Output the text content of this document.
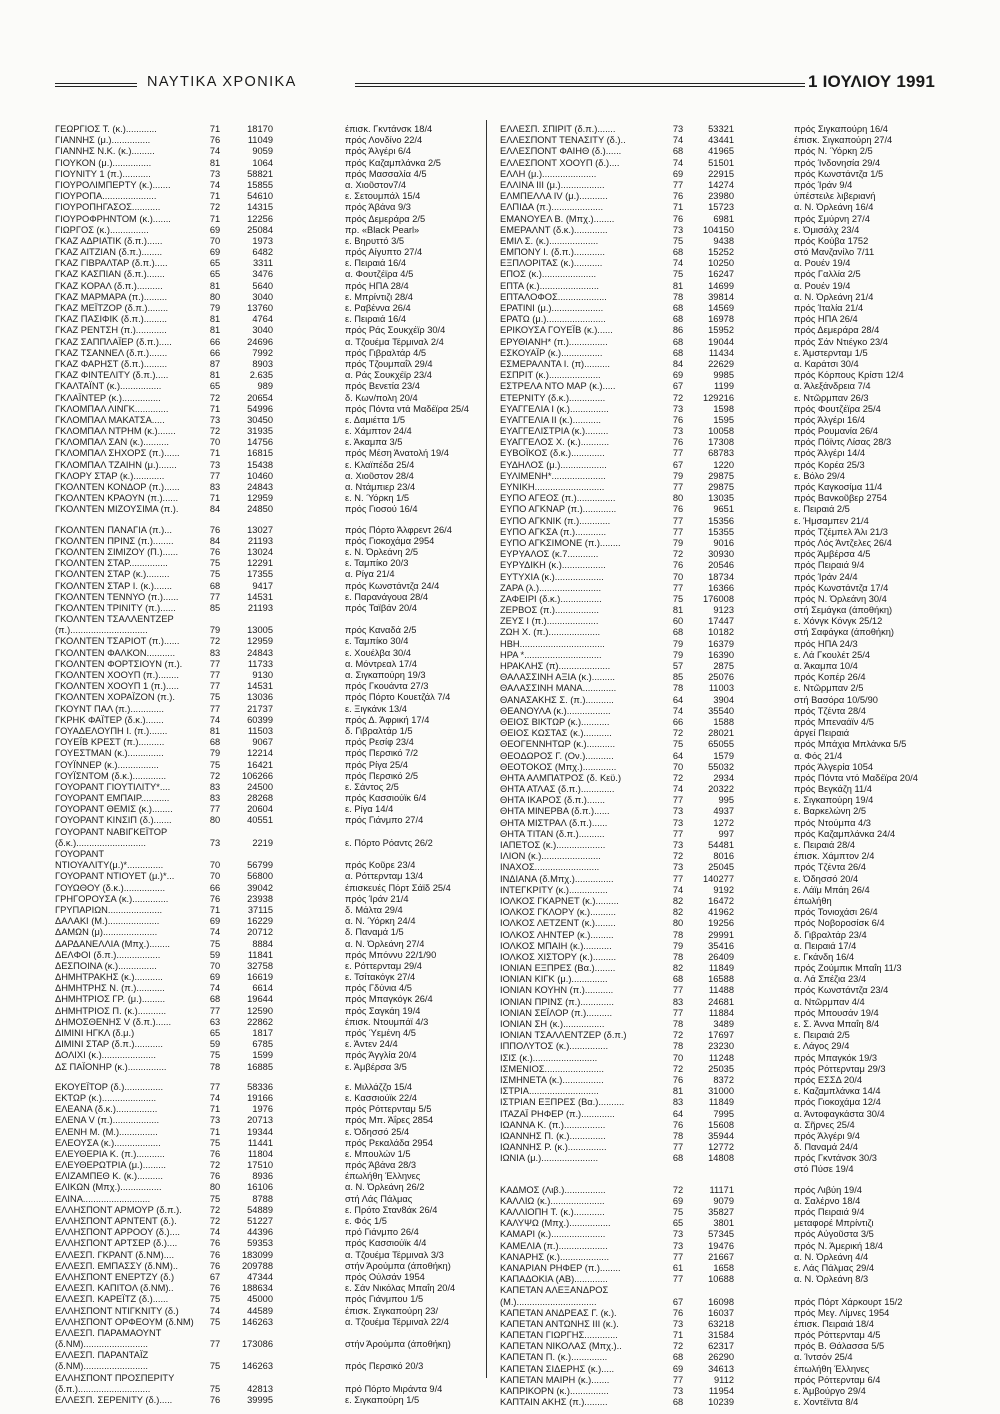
ΝΑΥΤΙΚΑ ΧΡΟΝΙΚΑ	1 ΙΟΥΛΙΟΥ 1991
ΓΕΩΡΓΙΟΣ Τ. (κ.)............	71	18170	έπισκ. Γκντάνσκ 18/4
ΓΙΑΝΝΗΣ (μ.)...............	76	11049	πρός Λονδίνο 22/4
ΓΙΑΝΝΗΣ Ν.Κ. (κ.).........	74	9059	πρός Άλγέρι 6/4
ΓΙΟΥΚΟΝ (μ.)...............	81	1064	πρός Καζαμπλάνκα 2/5
ΓΙΟΥΝΙΤΥ 1 (π.)...........	73	58821	πρός Μασσαλία 4/5
ΓΙΟΥΡΟΛΙΜΠΕΡΤΥ (κ.).......	74	15855	α. Χιοῦστον7/4
ΓΙΟΥΡΟΠΑ.....................	71	54610	ε. Σετουμπάλ 15/4
ΓΙΟΥΡΟΠΗΓΑΣΟΣ...........	72	14315	πρός Άβάνα 9/3
ΓΙΟΥΡΟΦΡΗΝΤΟΜ (κ.).......	71	12256	πρός Δεμεράρα 2/5
ΓΙΩΡΓΟΣ (κ.)...............	69	25084	πρ. «Black Pearl»
ΓΚΑΖ ΑΔΡΙΑΤΙΚ (δ.π.)......	70	1973	ε. Βηρυττό 3/5
ΓΚΑΖ ΑΙΤΖΙΑΝ (δ.π.)........	69	6482	πρός Αίγυπτο 27/4
ΓΚΑΖ ΓΙΒΡΑΛΤΑΡ (δ.π.).....	65	3311	ε. Πειραιά 16/4
ΓΚΑΖ ΚΑΣΠΙΑΝ (δ.π.).......	65	3476	α. Φουτζέϊρα 4/5
ΓΚΑΖ ΚΟΡΑΛ (δ.π.)..........	81	5640	πρός ΗΠΑ 28/4
ΓΚΑΖ ΜΑΡΜΑΡΑ (π.).........	80	3040	ε. Μπρίντιζι 28/4
ΓΚΑΖ ΜΕΪΤΖΟΡ (δ.π.)........	79	13760	ε. Ραβέννα 26/4
ΓΚΑΖ ΠΑΣΙΦΙΚ (δ.π.).........	81	4764	ε. Πειραιά 16/4
ΓΚΑΖ ΡΕΝΤΣΗ (π.)............	81	3040	πρός Ράς Σουκχέϊρ 30/4
ΓΚΑΖ ΣΑΠΠΛΑΪΕΡ (δ.π.).....	66	24696	α. Τζουέμα Τέρμιναλ 2/4
ΓΚΑΖ ΤΣΑΝΝΕΛ (δ.π.).......	66	7992	πρός Γιβραλτάρ 4/5
ΓΚΑΖ ΦΑΡΗΣΤ (δ.π.).........	87	8903	πρός Τζουμπαΐλ 29/4
ΓΚΑΖ ΦΙΝΤΕΛΙΤΥ (δ.π.).....	81	2.635	α. Ράς Σουκχέϊρ 23/4
ΓΚΑΛΤΑΪΝΤ (κ.)................	65	989	πρός Βενετία 23/4
ΓΚΛΑΪΝΤΕΡ (κ.)...............	72	20654	δ. Κων/πολη 20/4
ΓΚΛΟΜΠΑΛ ΛΙΝΓΚ.............	71	54996	πρός Πόντα ντά Μαδέϊρα 25/4
ΓΚΛΟΜΠΑΛ ΜΑΚΑΤΣΑ.....	73	30450	ε. Δαμιέττα 1/5
ΓΚΛΟΜΠΑΛ ΝΤΡΗΜ (κ.).......	72	31935	ε. Χάμπτον 24/4
ΓΚΛΟΜΠΑΛ ΣΑΝ (κ.)..........	70	14756	ε. Άκαμπα 3/5
ΓΚΛΟΜΠΑΛ ΣΗΧΟΡΣ (π.)......	71	16815	πρός Μέση Άνατολή 19/4
ΓΚΛΟΜΠΑΛ ΤΖΑΙΗΝ (μ.).......	73	15438	ε. Κλαϊπέδα 25/4
ΓΚΛΟΡΥ ΣΤΑΡ (κ.)............	77	10460	α. Χιοῦστον 28/4
ΓΚΟΛΝΤΕΝ ΚΟΝΔΟΡ (π.)......	83	24843	α. Ντάμπιερ 23/4
ΓΚΟΛΝΤΕΝ ΚΡΑΟΥΝ (π.)......	71	12959	ε. Ν. Ύόρκη 1/5
ΓΚΟΛΝΤΕΝ ΜΙΖΟΥΣΙΜΑ (π.).	84	24850	πρός Γιοσού 16/4
ΓΚΟΛΝΤΕΝ ΠΑΝΑΓΙΑ (π.)...	76	13027	πρός Πόρτο Άλφρεντ 26/4
ΓΚΟΛΝΤΕΝ ΠΡΙΝΣ (π.)........	84	21193	πρός Γιοκοχάμα 2954
ΓΚΟΛΝΤΕΝ ΣΙΜΙΖΟΥ (Π.)......	76	13024	ε. Ν. Όρλεάνη 2/5
ΓΚΟΛΝΤΕΝ ΣΤΑΡ...............	75	12291	ε. Ταμπίκο 20/3
ΓΚΟΛΝΤΕΝ ΣΤΑΡ (κ.).........	75	17355	α. Ρίγα 21/4
ΓΚΟΛΝΤΕΝ ΣΤΑΡ Ι. (κ.).......	68	9417	πρός Κωνστάντζα 24/4
ΓΚΟΛΝΤΕΝ ΤΕΝΝΥΟ (π.)......	77	14531	ε. Παρανάγουα 28/4
ΓΚΟΛΝΤΕΝ ΤΡΙΝΙΤΥ (π.)......	85	21193	πρός Ταϊβάν 20/4
ΓΚΟΛΝΤΕΝ ΤΣΑΛΛΕΝΤΖΕΡ
(π.)..............................	79	13005	πρός Καναδά 2/5
ΓΚΟΛΝΤΕΝ ΤΣΑΡΙΟΤ (π.)......	72	12959	ε. Ταμπίκο 30/4
ΓΚΟΛΝΤΕΝ ΦΑΛΚΟΝ...........	83	24843	ε. Χουέλβα 30/4
ΓΚΟΛΝΤΕΝ ΦΟΡΤΣΙΟΥΝ (π.).	77	11733	α. Μόντρεαλ 17/4
ΓΚΟΛΝΤΕΝ ΧΟΟΥΠ (π.)........	77	9130	α. Σιγκαπούρη 19/3
ΓΚΟΛΝΤΕΝ ΧΟΟΥΠ 1 (π.).....	77	14531	πρός Γκουάντα 27/3
ΓΚΟΛΝΤΕΝ ΧΟΡΑΪΖΟΝ (π.).	75	13036	πρός Πόρτο Κουετζάλ 7/4
ΓΚΟΥΝΤ ΠΑΛ (π.).............	77	21737	ε. Ξιγκάνκ 13/4
ΓΚΡΗΚ ΦΑΪΤΕΡ (δ.κ.).......	74	60399	πρός Δ. Άφρική 17/4
ΓΟΥΑΔΕΛΟΥΠΗ Ι. (π.).......	81	11503	δ. Γιβραλτάρ 1/5
ΓΟΥΕΪΒ ΚΡΕΣΤ (π.)..........	68	9067	πρός Ρεσίφ 23/4
ΓΟΥΕΣΤΜΑΝ (κ.)..............	79	12214	πρός Περσικό 7/2
ΓΟΥΪΝΝΕΡ (κ.)................	75	16421	πρός Ρίγα 25/4
ΓΟΥΪΣΝΤΟΜ (δ.κ.).............	72	106266	πρός Περσικό 2/5
ΓΟΥΟΡΑΝΤ ΓΙΟΥΤΙΛΙΤΥ*....	83	24500	ε. Σάντος 2/5
ΓΟΥΟΡΑΝΤ ΕΜΠΑΙΡ...........	83	28268	πρός Κασσιούϊκ 6/4
ΓΟΥΟΡΑΝΤ ΘΕΜΙΣ (κ.)........	77	20604	ε. Ρίγα 14/4
ΓΟΥΟΡΑΝΤ ΚΙΝΣΙΠ (δ.).......	80	40551	πρός Γιάνμπο 27/4
ΓΟΥΟΡΑΝΤ ΝΑΒΙΓΚΕΪΤΟΡ
(δ.κ.)...........................	73	2219	ε. Πόρτο Ρόαντς 26/2
ΓΟΥΟΡΑΝΤ
ΝΤΙΟΥΑΛΙΤΥ(μ.)*..............	70	56799	πρός Κοῦρε 23/4
ΓΟΥΟΡΑΝΤ ΝΤΙΟΥΕΤ (μ.)*...	70	56800	α. Ρόττερνταμ 13/4
ΓΟΥΩΘΟΥ (δ.κ.)................	66	39042	έπισκευές Πόρτ Σάϊδ 25/4
ΓΡΗΓΟΡΟΥΣΑ (κ.)..............	76	23938	πρός Ίράν 21/4
ΓΡΥΠΑΡΙΩΝ.....................	71	37115	δ. Μάλτα 29/4
ΔΑΛΑΚΙ (Μ.)....................	69	16229	α. Ν. Ύόρκη 24/4
ΔΑΜΩΝ (μ).....................	74	20712	δ. Παναμά 1/5
ΔΑΡΔΑΝΕΛΛΙΑ (Μπχ.)........	75	8884	α. Ν. Όρλεάνη 27/4
ΔΕΛΦΟΙ (δ.π.).................	59	11841	πρός Μπόννυ 22/1/90
ΔΕΣΠΟΙΝΑ (κ.)...............	70	32758	ε. Ρόττερνταμ 29/4
ΔΗΜΗΤΡΑΚΗΣ (κ.)...........	69	16619	ε. Τσίτακόγκ 27/4
ΔΗΜΗΤΡΗΣ Ν. (π.)...........	74	6614	πρός Γδύνια 4/5
ΔΗΜΗΤΡΙΟΣ ΓΡ. (μ.).........	68	19644	πρός Μπαγκόγκ 26/4
ΔΗΜΗΤΡΙΟΣ Π. (κ.)...........	77	12590	πρός Σαγκάη 19/4
ΔΗΜΟΣΘΕΝΗΣ V (δ.π.)......	63	22862	έπισκ. Ντουμπάϊ 4/3
ΔΙΜΙΝΙ ΗΓΚΛ (δ.μ.)	65	1817	πρός Ύεμένη 4/5
ΔΙΜΙΝΙ ΣΤΑΡ (δ.π.)...........	59	6785	ε. Άντεν 24/4
ΔΟΛΙΧΙ (κ.).....................	75	1599	πρός Άγγλία 20/4
ΔΣ ΠΑΪΟΝΗΡ (κ.)...............	78	16885	ε. Άμβέρσα 3/5
ΕΚΟΥΕΪΤΟΡ (δ.)...............	77	58336	ε. Μιλλάζζο 15/4
ΕΚΤΩΡ (κ.).....................	74	19166	ε. Κασσιούϊκ 22/4
ΕΛΕΑΝΑ (δ.κ.)................	71	1976	πρός Ρόττερνταμ 5/5
ΕΛΕΝΑ V (π.)..................	73	20713	πρός Μπ. Άΐρες 2854
ΕΛΕΝΗ Μ. (Μ.)...............	71	19344	ε. Όδησσό 25/4
ΕΛΕΟΥΣΑ (κ.)..................	75	11441	πρός Ρεκαλάδα 2954
ΕΛΕΥΘΕΡΙΑ Κ. (π.)...........	76	11804	ε. Μπουλών 1/5
ΕΛΕΥΘΕΡΩΤΡΙΑ (μ.).........	72	17510	πρός Άβάνα 28/3
ΕΛΙΖΑΜΠΕΘ Κ. (κ.)..........	76	8936	έπωλήθη Έλληνες
ΕΛΙΚΩΝ (Μπχ.)................	80	16106	α. Ν. Όρλεάνη 26/2
ΕΛΙΝΑ..........................	75	8788	στή Λάς Πάλμας
ΕΛΛΗΣΠΟΝΤ ΑΡΜΟΥΡ (δ.π.).	72	54889	ε. Πρότο Σταν8άκ 26/4
ΕΛΛΗΣΠΟΝΤ ΑΡΝΤΕΝΤ (δ.).	72	51227	ε. Φός 1/5
ΕΛΛΗΣΠΟΝΤ ΑΡΡΟΟΥ (δ.)....	74	44396	πρό Γιάνμπο 26/4
ΕΛΛΗΣΠΟΝΤ ΑΡΤΣΕΡ (δ.)....	76	59353	πρός Κασσιούϊκ 4/4
ΕΛΛΕΣΠ. ΓΚΡΑΝΤ (δ.ΝΜ)....	76	183099	α. Τζουέμα Τέρμιναλ 3/3
ΕΛΛΕΣΠ. ΕΜΠΑΣΣΥ (δ.ΝΜ)..	76	209788	στήν Άρούμπα (άποθήκη)
ΕΛΛΗΣΠΟΝΤ ΕΝΕΡΤΖΥ (δ.)	67	47344	πρός Ούλσάν 1954
ΕΛΛΕΣΠ. ΚΑΠΙΤΟΛ (δ.ΝΜ)..	76	188634	ε. Σάν Νικόλας Μπαΐη 20/4
ΕΛΛΕΣΠ. ΚΑΡΕΪΤΖ (δ.)......	75	45000	πρός Γιάνμπου 1/5
ΕΛΛΗΣΠΟΝΤ ΝΤΙΓΚΝΙΤΥ (δ.)	74	44589	έπισκ. Σιγκαπούρη 23/
ΕΛΛΗΣΠΟΝΤ ΟΡΦΕΟΥΜ (δ.ΝΜ)	75	146263	α. Τζουέμα Τέρμιναλ 22/4
ΕΛΛΕΣΠ. ΠΑΡΑΜΑΟΥΝΤ
(δ.ΝΜ).........................	77	173086	στήν Άρούμπα (άποθήκη)
ΕΛΛΕΣΠ. ΠΑΡΑΝΤΑΪΖ
(δ.ΝΜ).........................	75	146263	πρός Περσικό 20/3
ΕΛΛΗΣΠΟΝΤ ΠΡΟΣΠΕΡΙΤΥ
(δ.π.)............................	75	42813	πρό Πόρτο Μιράντα 9/4
ΕΛΛΕΣΠ. ΣΕΡΕΝΙΤΥ (δ.).....	76	39995	ε. Σιγκαπούρη 1/5
ΕΛΛΕΣΠ. ΣΠΙΡΙΤ (δ.π.).......	73	53321	πρός Σιγκαπούρη 16/4
ΕΛΛΕΣΠΟΝΤ ΤΕΝΑΣΙΤΥ (δ.)..	74	43441	έπισκ. Σιγκαπούρη 27/4
ΕΛΛΕΣΠΟΝΤ ΦΑΙΗΘ (δ.)......	68	41965	πρός Ν. Ύόρκη 2/5
ΕΛΛΕΣΠΟΝΤ ΧΟΟΥΠ (δ.)....	74	51501	πρός Ίνδονησία 29/4
ΕΛΛΗ (μ.).....................	69	22915	πρός Κωνστάντζα 1/5
ΕΛΛΙΝΑ ΙΙΙ (μ.).................	77	14274	πρός Ίράν 9/4
ΕΛΜΠΕΛΛΑ ΙV (μ.)...........	76	23980	ύπέστειλε λιβεριανή
ΕΛΠΙΔΑ (π.)....................	71	15723	α. Ν. Όρλεάνη 16/4
ΕΜΑΝΟΥΕΛ Β. (Μπχ.)........	76	6981	πρός Σμύρνη 27/4
ΕΜΕΡΑΛΝΤ (δ.κ.).............	73	104150	ε. Όμισάλχ 23/4
ΕΜΙΛ Σ. (κ.)...................	75	9438	πρός Κούβα 1752
ΕΜΠΟΝΥ Ι. (δ.π.)............	68	15252	στό Μανζανίλο 7/11
ΕΞΠΛΟΡΙΤΑΣ (κ.)...........	74	10250	α. Ρουέν 19/4
ΕΠΟΣ (κ.).....................	75	16247	πρός Γαλλία 2/5
ΕΠΤΑ (κ.).......................	81	14699	α. Ρουέν 19/4
ΕΠΤΑΛΟΦΟΣ...................	78	39814	α. Ν. Όρλεάνη 21/4
ΕΡΑΤΙΝΙ (μ.)....................	68	14569	πρός Ίταλία 21/4
ΕΡΑΤΩ (μ.).......................	68	16978	πρός ΗΠΑ 26/4
ΕΡΙΚΟΥΣΑ ΓΟΥΕΪΒ (κ.)......	86	15952	πρός Δεμεράρα 28/4
ΕΡΥΘΙΑΝΗ* (π.)...............	68	19044	πρός Σάν Ντιέγκο 23/4
ΕΣΚΟΥΑΪΡ (κ.)................	68	11434	ε. Άμστερνταμ 1/5
ΕΣΜΕΡΑΛΝΤΑ Ι. (π)..........	84	22629	α. Καράτσι 30/4
ΕΣΠΡΙΤ (κ.)....................	69	9985	πρός Κόρπους Κρίστι 12/4
ΕΣΤΡΕΛΑ ΝΤΟ ΜΑΡ (κ.).....	67	1199	α. Άλεξάνδρεια 7/4
ΕΤΕΡΝΙΤΥ (δ.κ.)..............	72	129216	ε. Ντῶρμπαν 26/3
ΕΥΑΓΓΕΛΙΑ Ι (κ.)...............	73	1598	πρός Φουτζέϊρα 25/4
ΕΥΑΓΓΕΛΙΑ ΙΙ (κ.)...........	76	1595	πρός Άλγέρι 16/4
ΕΥΑΓΓΕΛΙΣΤΡΙΑ (κ.).........	73	10058	πρός Ρουμανία 26/4
ΕΥΑΓΓΕΛΟΣ Χ. (κ.)...........	76	17308	πρός Πόϊντς Λίσας 28/3
ΕΥΒΟΪΚΟΣ (δ.κ.).............	77	68783	πρός Άλγέρι 14/4
ΕΥΔΗΛΟΣ (μ.)..................	67	1220	πρός Κορέα 25/3
ΕΥΛΙΜΕΝΗ*.....................	79	29875	ε. Βόλο 29/4
ΕΥΝΙΚΗ...........................	77	29875	πρός Καγκοσίμα 11/4
ΕΥΠΟ ΑΓΕΟΣ (π.)...............	80	13035	πρός Βανκοῦβερ 2754
ΕΥΠΟ ΑΓΚΝΑΡ (π.).............	76	9651	ε. Πειραιά 2/5
ΕΥΠΟ ΑΓΚΝΙΚ (π.)............	77	15356	ε. Ήμσαμπεν 21/4
ΕΥΠΟ ΑΓΚΣΑ (π.)............	77	15355	πρός Τζέμπελ Άλι 21/3
ΕΥΠΟ ΑΓΚΣΙΜΟΝΕ (π.)........	79	9016	πρός Λός Άντζελες 26/4
ΕΥΡΥΑΛΟΣ (κ.7............	72	30930	πρός Άμβέρσα 4/5
ΕΥΡΥΔΙΚΗ (κ.).................	76	20546	πρός Πειραιά 9/4
ΕΥΤΥΧΙΑ (κ.)...................	70	18734	πρός Ίράν 24/4
ΖΑΡΑ (λ.)........................	77	16366	πρός Κωνστάντζα 17/4
ΖΑΦΕΙΡΙ (δ.κ.)................	75	176008	πρός Ν. Όρλεάνη 30/4
ΖΕΡΒΟΣ (π.).................	81	9123	στή Σεμάγκα (άποθήκη)
ΖΕΥΣ Ι (π.)....................	60	17447	ε. Χόνγκ Κόνγκ 25/12
ΖΩΗ Χ. (π.)....................	68	10182	στή Σαφάγκα (άποθήκη)
ΗΒΗ.................................	79	16379	πρός ΗΠΑ 24/3
ΗΡΑ *..............................	79	16390	ε. Λά Γκουλέτ 25/4
ΗΡΑΚΛΗΣ (π)....................	57	2875	α. Άκαμπα 10/4
ΘΑΛΑΣΣΙΝΗ ΑΞΙΑ (κ.).........	85	25076	πρός Κοπέρ 26/4
ΘΑΛΑΣΣΙΝΗ ΜΑΝΑ.............	78	11003	ε. Ντῶρμπαν 2/5
ΘΑΝΑΣΑΚΗΣ Σ. (π.)...........	64	3904	στή Βασόρα 10/5/90
ΘΕΑΝΟΥΛΑ (κ.).................	74	35540	πρός Τζέντα 28/4
ΘΕΙΟΣ ΒΙΚΤΩΡ (κ.)...........	66	1588	πρός Μπεναάϊν 4/5
ΘΕΙΟΣ ΚΩΣΤΑΣ (κ.)...........	72	28021	άργεί Πειραιά
ΘΕΟΓΕΝΝΗΤΩΡ (κ.)...........	75	65055	πρός Μπάχια Μπλάνκα 5/5
ΘΕΟΔΩΡΟΣ Γ. (Ον.)...........	64	1579	α. Φός 21/4
ΘΕΟΤΟΚΟΣ (Μπχ.).............	70	55032	πρός Άλγερία 1054
ΘΗΤΑ ΑΛΜΠΑΤΡΟΣ (δ. Κεϋ.)	72	2934	πρός Πόντα ντό Μαδέϊρα 20/4
ΘΗΤΑ ΑΤΛΑΣ (δ.π.).............	74	20322	πρός Βεγκάζη 11/4
ΘΗΤΑ ΙΚΑΡΟΣ (δ.π.).......	77	995	ε. Σιγκαπούρη 19/4
ΘΗΤΑ ΜΙΝΕΡΒΑ (δ.π.)......	73	4937	ε. Βαρκελώνη 2/5
ΘΗΤΑ ΜΙΣΤΡΑΛ (δ.π.)......	73	1272	πρός Ντούμπα 4/3
ΘΗΤΑ ΤΙΤΑΝ (δ.π.)..........	77	997	πρός Καζαμπλάνκα 24/4
ΙΑΠΕΤΟΣ (κ.)...................	73	54481	ε. Πειραιά 28/4
ΙΛΙΟΝ (κ.).......................	72	8016	έπισκ. Χάμπτον 2/4
ΙΝΑΧΟΣ.........................	73	25045	πρός Τζέντα 26/4
ΙΝΔΙΑΝΑ (δ.Μπχ.)...............	77	140277	ε. Όδησσό 20/4
ΙΝΤΕΓΚΡΙΤΥ (κ.)...............	74	9192	ε. Λάϊμ Μπάη 26/4
ΙΟΛΚΟΣ ΓΚΑΡΝΕΤ (κ.).........	82	16472	έπωλήθη
ΙΟΛΚΟΣ ΓΚΛΟΡΥ (κ.)..........	82	41962	πρός Τονιοχάσι 26/4
ΙΟΛΚΟΣ ΛΕΤΖΕΝΤ (κ.)........	80	19256	πρός Νοβοροσίσκ 6/4
ΙΟΛΚΟΣ ΛΗΝΤΕΡ (κ.).........	78	29991	δ. Γιβραλτάρ 23/4
ΙΟΛΚΟΣ ΜΠΑΙΗ (κ.)...........	79	35416	α. Πειραιά 17/4
ΙΟΛΚΟΣ ΧΙΣΤΟΡΥ (κ.).........	78	26409	ε. Γκάνδη 16/4
ΙΟΝΙΑΝ ΕΞΠΡΕΣ (Βα.)........	82	11849	πρός Ζούμπικ Μπαΐη 11/3
ΙΟΝΙΑΝ ΚΙΓΚ (μ.)..............	68	16588	α. Λά Σπέζια 23/4
ΙΟΝΙΑΝ ΚΟΥΗΝ (π.)...........	77	11488	πρός Κωνστάντζα 23/4
ΙΟΝΙΑΝ ΠΡΙΝΣ (π.).............	83	24681	α. Ντῶρμπαν 4/4
ΙΟΝΙΑΝ ΣΕΪΛΟΡ (π.)..........	77	11884	πρός Μπουσάν 19/4
ΙΟΝΙΑΝ ΣΗ (κ.)................	78	3489	ε. Σ. Άννα Μπαΐη 8/4
ΙΟΝΙΑΝ ΤΣΑΛΛΕΝΤΖΕΡ (δ.π.)	72	17697	ε. Πειραιά 2/5
ΙΠΠΟΛΥΤΟΣ (κ.)...............	78	23230	ε. Λάγος 29/4
ΙΣΙΣ (κ.).........................	70	11248	πρός Μπαγκόκ 19/3
ΙΣΜΕΝΙΟΣ.......................	72	25035	πρός Ρόττερνταμ 29/3
ΙΣΜΗΝΕΤΑ (κ.)................	76	8372	πρός ΕΣΣΔ 20/4
ΙΣΤΡΙΑ...........................	81	31000	ε. Καζαμπλάνκα 14/4
ΙΣΤΡΙΑΝ ΕΞΠΡΕΣ (Βα.)..........	83	11849	πρός Γιοκοχάμα 12/4
ΙΤΑΖΑΪ ΡΗΦΕΡ (π.).............	64	7995	α. Άντοφαγκάστα 30/4
ΙΩΑΝΝΑ Κ. (π.)................	76	15608	α. Σῆρνες 25/4
ΙΩΑΝΝΗΣ Π. (κ.)..............	78	35944	πρός Άλγέρι 9/4
ΙΩΑΝΝΗΣ Ρ. (κ.)...............	77	12772	δ. Παναμά 24/4
ΙΩΝΙΑ (μ.)......................	68	14808	πρός Γκντάνσκ 30/3
στό Πύσε 19/4
ΚΑΔΜΟΣ (Λιβ.)................	72	11171	πρός Λιβύη 19/4
ΚΑΛΛΙΩ (κ.).....................	69	9079	α. Σαλέρνο 18/4
ΚΑΛΛΙΟΠΗ Τ. (κ.)............	75	35827	πρός Πειραιά 9/4
ΚΑΛΥΨΩ (Μπχ.)................	65	3801	μεταφορέ Μπρίντιζι
ΚΑΜΑΡΙ (κ.).....................	73	57345	πρός Αὐγοῦστα 3/5
ΚΑΜΕΛΙΑ (π.)...................	73	19476	πρός Ν. Άμερική 18/4
ΚΑΝΑΡΗΣ (κ.)...................	77	21667	α. Ν. Όρλεάνη 4/4
ΚΑΝΑΡΙΑΝ ΡΗΦΕΡ (π.)........	61	1658	ε. Λάς Πάλμας 29/4
ΚΑΠΑΔΟΚΙΑ (ΑΒ).............	77	10688	α. Ν. Όρλεάνη 8/3
ΚΑΠΕΤΑΝ ΑΛΕΞΑΝΔΡΟΣ
(Μ.)...............................	67	16098	πρός Πόρτ Χάρκουρτ 15/2
ΚΑΠΕΤΑΝ ΑΝΔΡΕΑΣ Γ. (κ.).	76	16037	πρός Μεγ. Λίμνες 1954
ΚΑΠΕΤΑΝ ΑΝΤΩΝΗΣ ΙΙΙ (κ.).	73	63218	έπισκ. Πειραιά 18/4
ΚΑΠΕΤΑΝ ΓΙΩΡΓΗΣ.............	71	31584	πρός Ρόττερνταμ 4/5
ΚΑΠΕΤΑΝ ΝΙΚΟΛΑΣ (Μπχ.)..	72	62317	πρός Β. Θάλασσα 5/5
ΚΑΠΕΤΑΝ Π. (κ.)..............	68	26290	α. Ίντσόν 25/4
ΚΑΠΕΤΑΝ ΣΙΔΕΡΗΣ (κ.).....	69	34613	έπωλήθη Έλληνες
ΚΑΠΕΤΑΝ ΜΑΙΡΗ (κ.).......	77	9112	πρός Ρόττερνταμ 6/4
ΚΑΠΡΙΚΟΡΝ (κ.)...............	73	11954	ε. Άμβούργο 29/4
ΚΑΠΤΑΙΝ ΑΚΗΣ (π.).........	68	10239	ε. Χοντέϊντα 8/4
